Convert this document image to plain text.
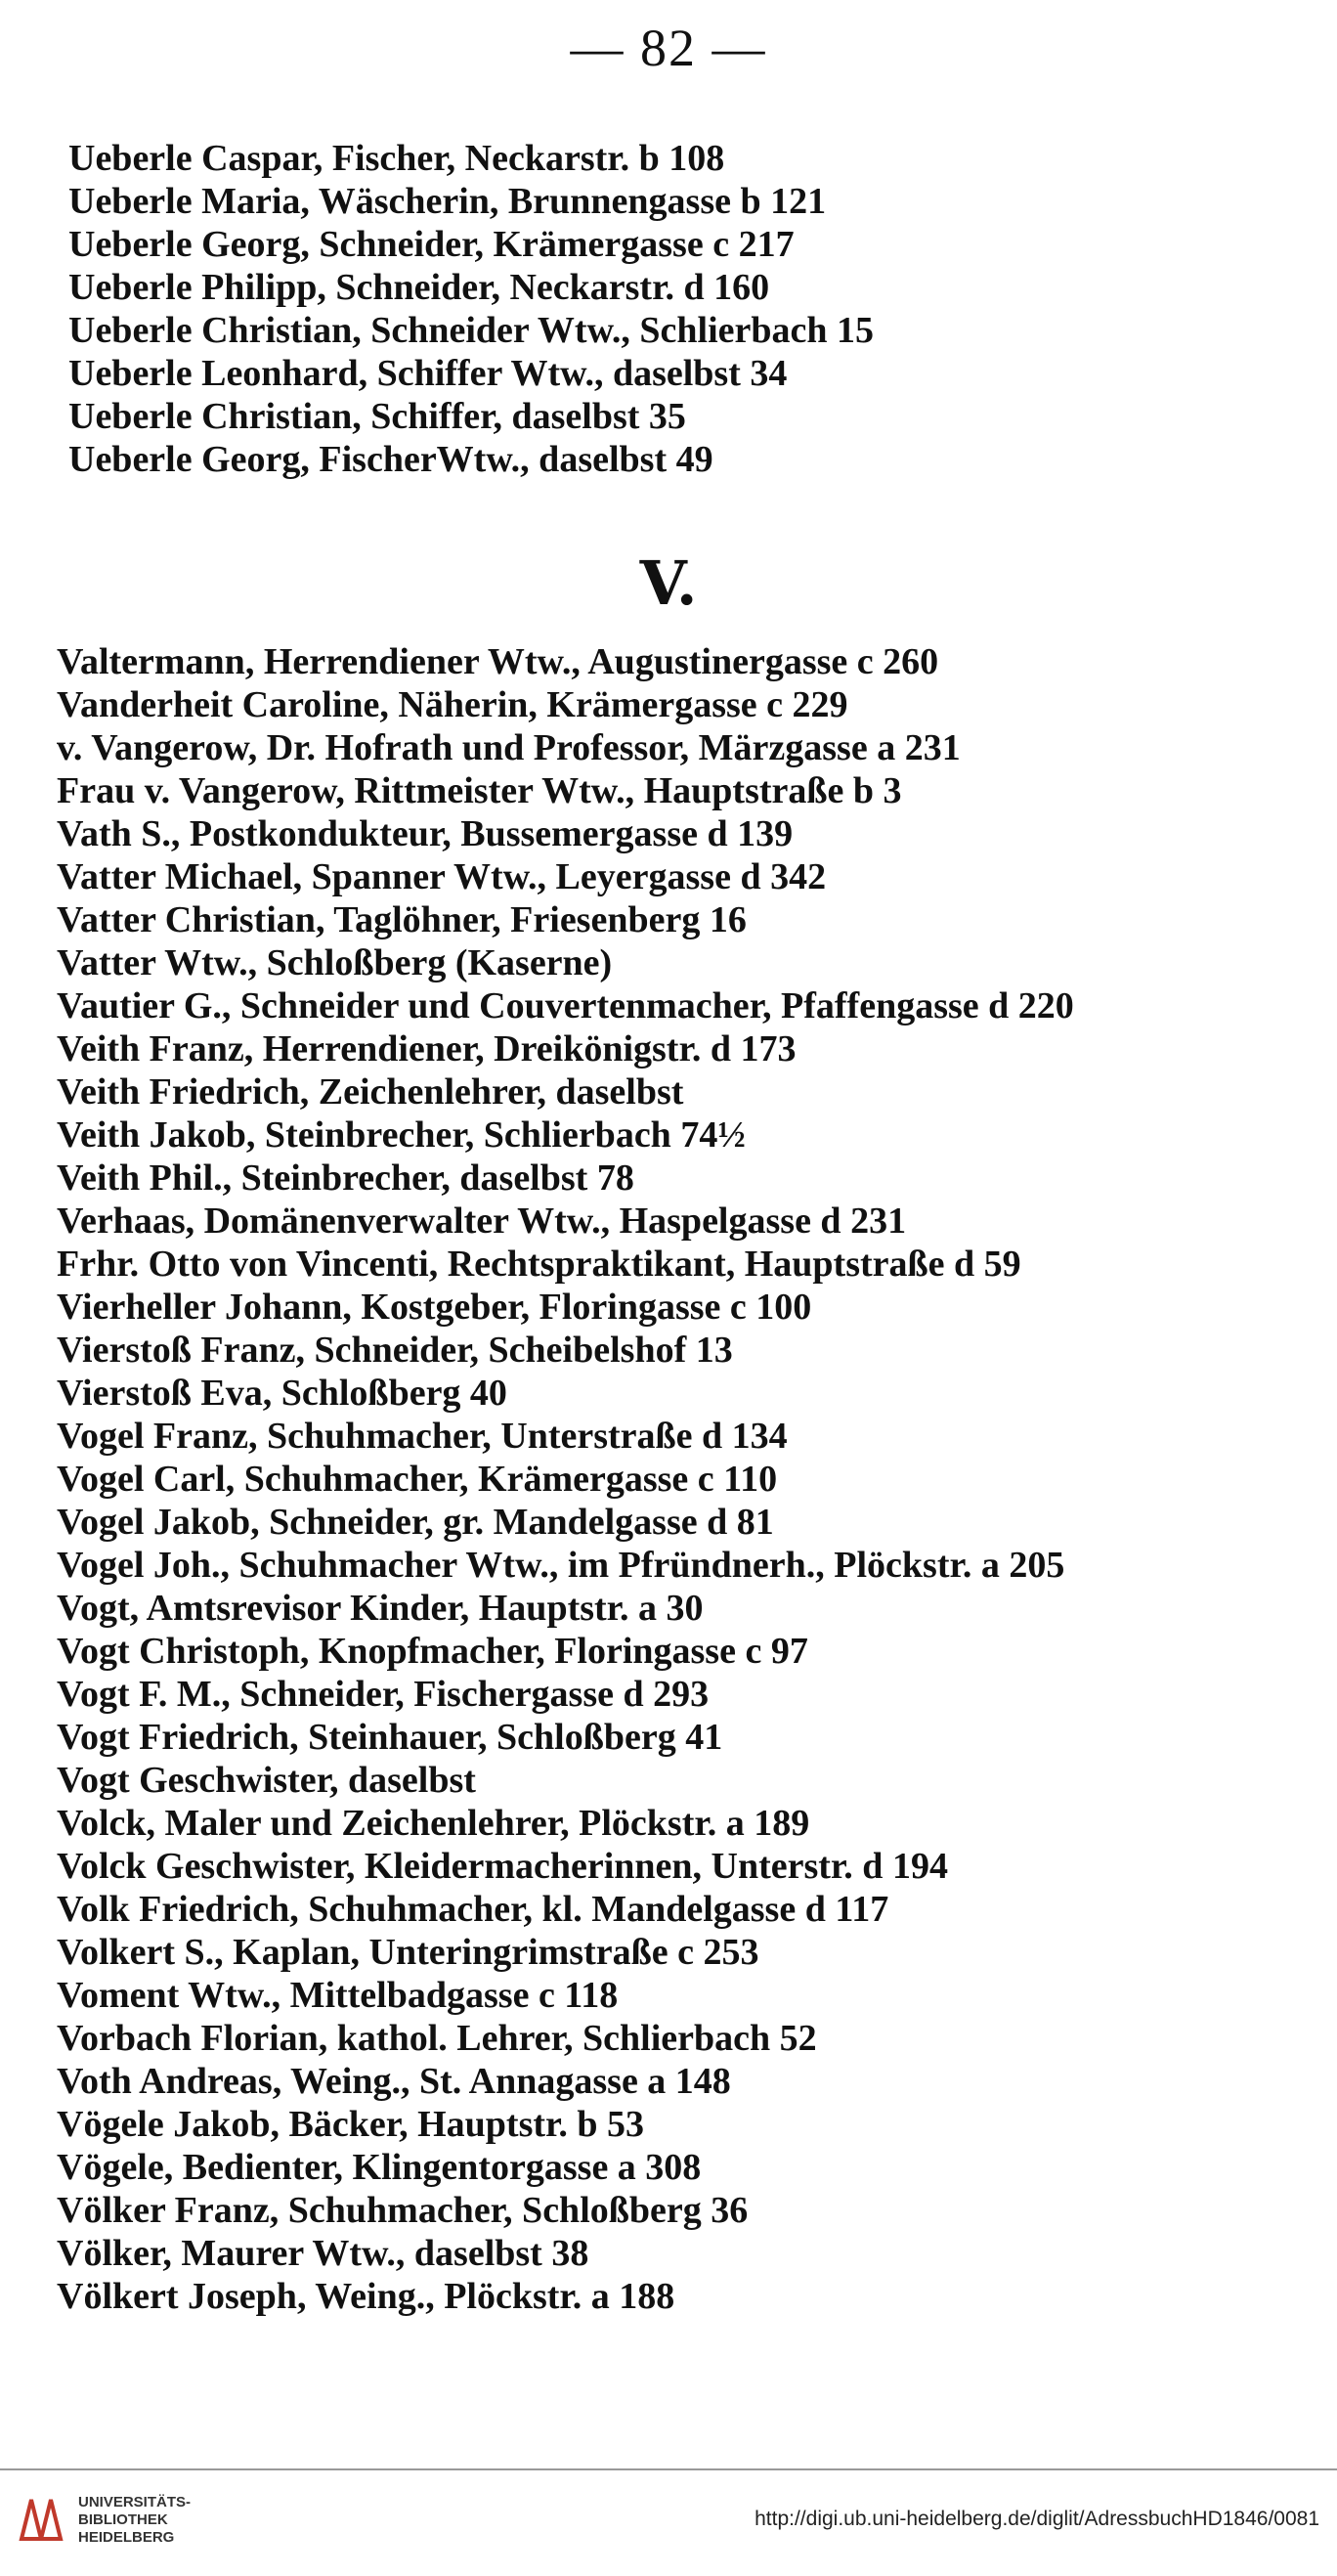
— 82 —
Ueberle Caspar, Fischer, Neckarstr. b 108
Ueberle Maria, Wäscherin, Brunnengasse b 121
Ueberle Georg, Schneider, Krämergasse c 217
Ueberle Philipp, Schneider, Neckarstr. d 160
Ueberle Christian, Schneider Wtw., Schlierbach 15
Ueberle Leonhard, Schiffer Wtw., daselbst 34
Ueberle Christian, Schiffer, daselbst 35
Ueberle Georg, FischerWtw., daselbst 49
V.
Valtermann, Herrendiener Wtw., Augustinergasse c 260
Vanderheit Caroline, Näherin, Krämergasse c 229
v. Vangerow, Dr. Hofrath und Professor, Märzgasse a 231
Frau v. Vangerow, Rittmeister Wtw., Hauptstraße b 3
Vath S., Postkondukteur, Bussemergasse d 139
Vatter Michael, Spanner Wtw., Leyergasse d 342
Vatter Christian, Taglöhner, Friesenberg 16
Vatter Wtw., Schloßberg (Kaserne)
Vautier G., Schneider und Couvertenmacher, Pfaffengasse d 220
Veith Franz, Herrendiener, Dreikönigstr. d 173
Veith Friedrich, Zeichenlehrer, daselbst
Veith Jakob, Steinbrecher, Schlierbach 74½
Veith Phil., Steinbrecher, daselbst 78
Verhaas, Domänenverwalter Wtw., Haspelgasse d 231
Frhr. Otto von Vincenti, Rechtspraktikant, Hauptstraße d 59
Vierheller Johann, Kostgeber, Floringasse c 100
Vierstoß Franz, Schneider, Scheibelshof 13
Vierstoß Eva, Schloßberg 40
Vogel Franz, Schuhmacher, Unterstraße d 134
Vogel Carl, Schuhmacher, Krämergasse c 110
Vogel Jakob, Schneider, gr. Mandelgasse d 81
Vogel Joh., Schuhmacher Wtw., im Pfründnerh., Plöckstr. a 205
Vogt, Amtsrevisor Kinder, Hauptstr. a 30
Vogt Christoph, Knopfmacher, Floringasse c 97
Vogt F. M., Schneider, Fischergasse d 293
Vogt Friedrich, Steinhauer, Schloßberg 41
Vogt Geschwister, daselbst
Volck, Maler und Zeichenlehrer, Plöckstr. a 189
Volck Geschwister, Kleidermacherinnen, Unterstr. d 194
Volk Friedrich, Schuhmacher, kl. Mandelgasse d 117
Volkert S., Kaplan, Unteringrimstraße c 253
Voment Wtw., Mittelbadgasse c 118
Vorbach Florian, kathol. Lehrer, Schlierbach 52
Voth Andreas, Weing., St. Annagasse a 148
Vögele Jakob, Bäcker, Hauptstr. b 53
Vögele, Bedienter, Klingentorgasse a 308
Völker Franz, Schuhmacher, Schloßberg 36
Völker, Maurer Wtw., daselbst 38
Völkert Joseph, Weing., Plöckstr. a 188
UNIVERSITÄTS-
BIBLIOTHEK
HEIDELBERG
http://digi.ub.uni-heidelberg.de/diglit/AdressbuchHD1846/0081
